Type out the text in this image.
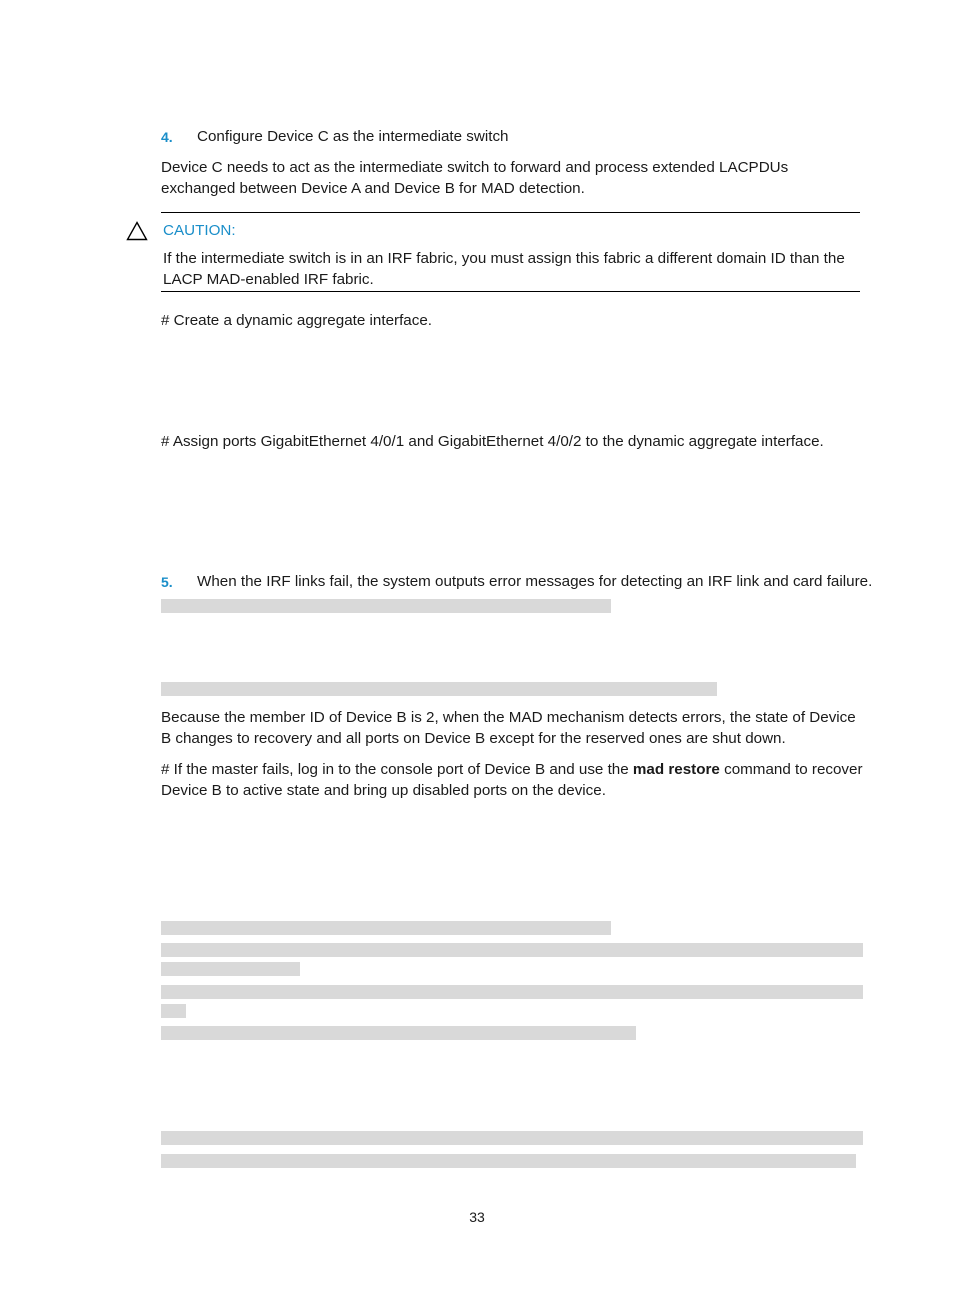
4. Configure Device C as the intermediate switch
Device C needs to act as the intermediate switch to forward and process extended LACPDUs exchanged between Device A and Device B for MAD detection.
CAUTION:
If the intermediate switch is in an IRF fabric, you must assign this fabric a different domain ID than the LACP MAD-enabled IRF fabric.
# Create a dynamic aggregate interface.
# Assign ports GigabitEthernet 4/0/1 and GigabitEthernet 4/0/2 to the dynamic aggregate interface.
5. When the IRF links fail, the system outputs error messages for detecting an IRF link and card failure.
Because the member ID of Device B is 2, when the MAD mechanism detects errors, the state of Device B changes to recovery and all ports on Device B except for the reserved ones are shut down.
# If the master fails, log in to the console port of Device B and use the mad restore command to recover Device B to active state and bring up disabled ports on the device.
33
